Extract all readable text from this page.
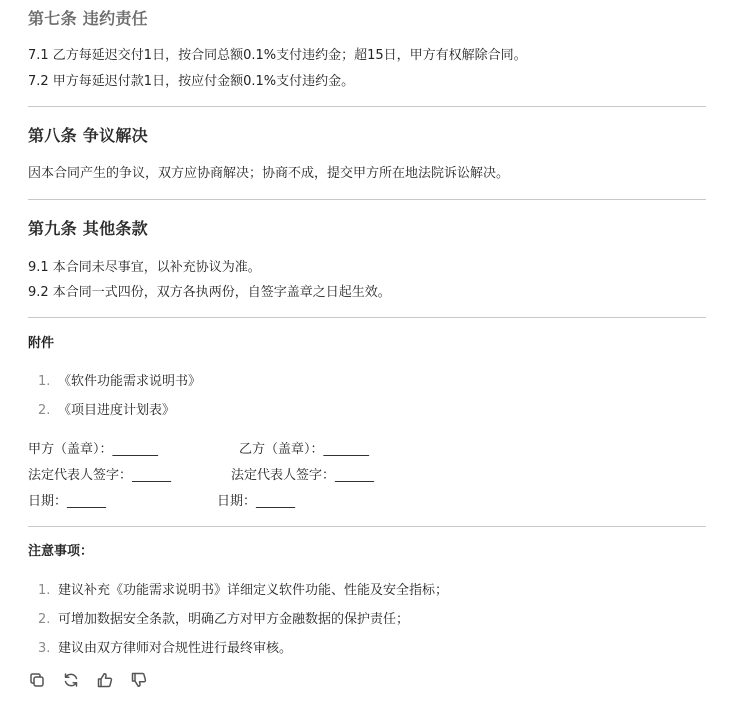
第七条 违约责任

7.1 乙方每延迟交付1日，按合同总额0.1%支付违约金；超15日，甲方有权解除合同。

7.2 甲方每延迟付款1日，按应付金额0.1%支付违约金。

第八条 争议解决

因本合同产生的争议，双方应协商解决；协商不成，提交甲方所在地法院诉讼解决。

第九条 其他条款

9.1 本合同未尽事宜，以补充协议为准。

9.2 本合同一式四份，双方各执两份，自签字盖章之日起生效。

附件
1. 《软件功能需求说明书》
2. 《项目进度计划表》
甲方（盖章）：_______	乙方（盖章）：_______
法定代表人签字：______	法定代表人签字：______
日期：______	日期：______
注意事项：
1. 建议补充《功能需求说明书》详细定义软件功能、性能及安全指标；
2. 可增加数据安全条款，明确乙方对甲方金融数据的保护责任；
3. 建议由双方律师对合规性进行最终审核。
